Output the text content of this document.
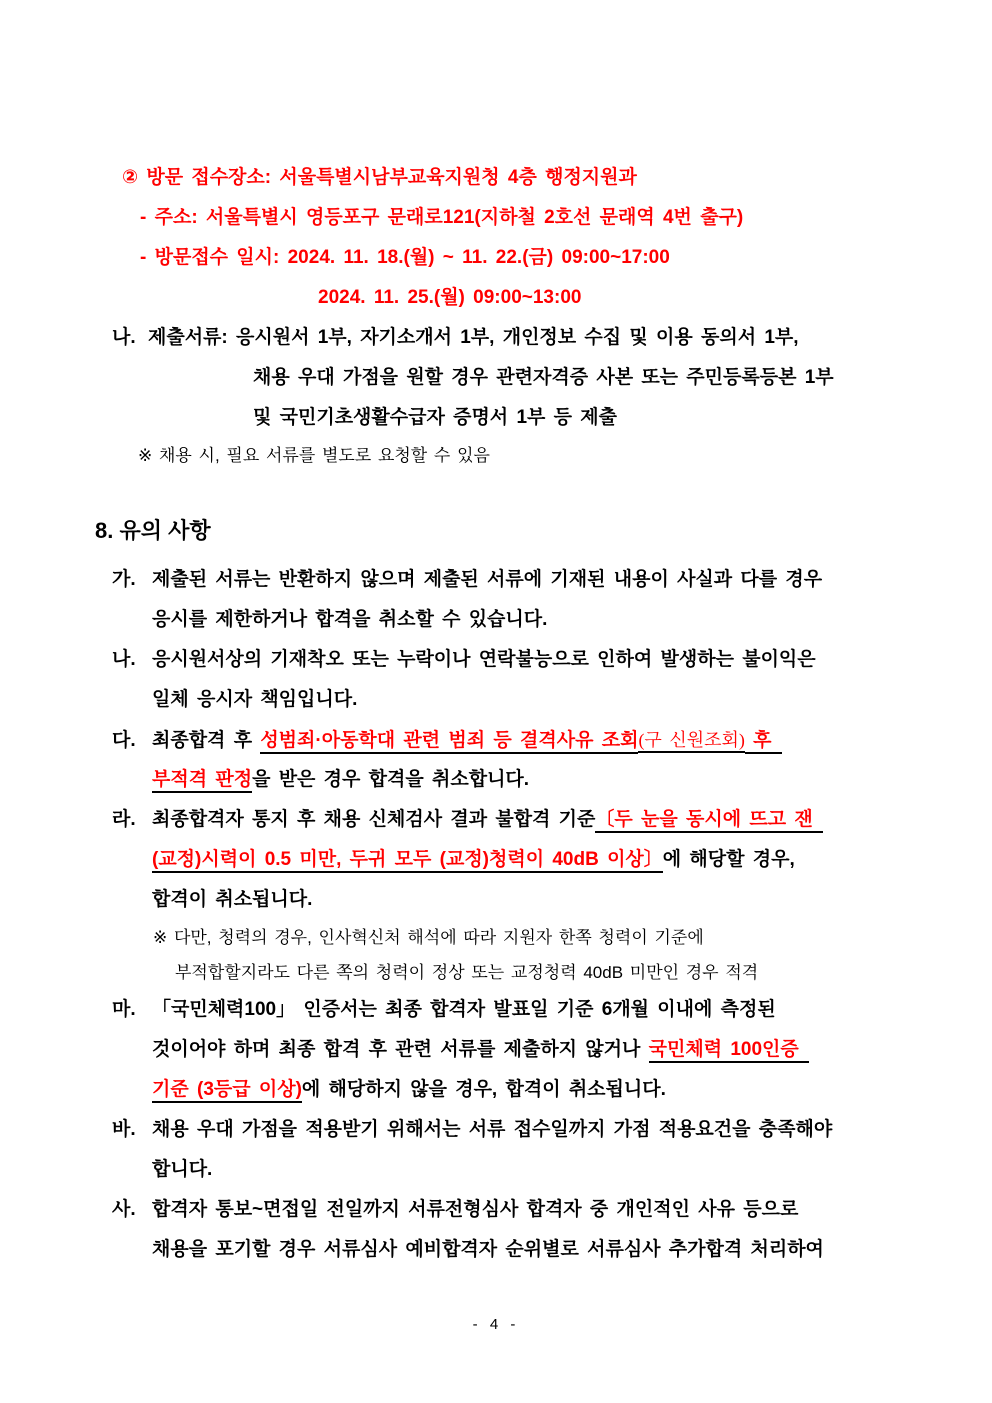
② 방문 접수장소: 서울특별시남부교육지원청 4층 행정지원과
- 주소: 서울특별시 영등포구 문래로121(지하철 2호선 문래역 4번 출구)
- 방문접수 일시: 2024. 11. 18.(월) ~ 11. 22.(금) 09:00~17:00
2024. 11. 25.(월) 09:00~13:00
나. 제출서류: 응시원서 1부, 자기소개서 1부, 개인정보 수집 및 이용 동의서 1부,
채용 우대 가점을 원할 경우 관련자격증 사본 또는 주민등록등본 1부
및 국민기초생활수급자 증명서 1부 등 제출
※ 채용 시, 필요 서류를 별도로 요청할 수 있음
8. 유의 사항
가. 제출된 서류는 반환하지 않으며 제출된 서류에 기재된 내용이 사실과 다를 경우
응시를 제한하거나 합격을 취소할 수 있습니다.
나. 응시원서상의 기재착오 또는 누락이나 연락불능으로 인하여 발생하는 불이익은
일체 응시자 책임입니다.
다. 최종합격 후 성범죄·아동학대 관련 범죄 등 결격사유 조회(구 신원조회) 후
부적격 판정을 받은 경우 합격을 취소합니다.
라. 최종합격자 통지 후 채용 신체검사 결과 불합격 기준〔두 눈을 동시에 뜨고 잰
(교정)시력이 0.5 미만, 두귀 모두 (교정)청력이 40dB 이상〕에 해당할 경우,
합격이 취소됩니다.
※ 다만, 청력의 경우, 인사혁신처 해석에 따라 지원자 한쪽 청력이 기준에
부적합할지라도 다른 쪽의 청력이 정상 또는 교정청력 40dB 미만인 경우 적격
마. 「국민체력100」 인증서는 최종 합격자 발표일 기준 6개월 이내에 측정된
것이어야 하며 최종 합격 후 관련 서류를 제출하지 않거나 국민체력 100인증
기준 (3등급 이상)에 해당하지 않을 경우, 합격이 취소됩니다.
바. 채용 우대 가점을 적용받기 위해서는 서류 접수일까지 가점 적용요건을 충족해야
합니다.
사. 합격자 통보~면접일 전일까지 서류전형심사 합격자 중 개인적인 사유 등으로
채용을 포기할 경우 서류심사 예비합격자 순위별로 서류심사 추가합격 처리하여
- 4 -
